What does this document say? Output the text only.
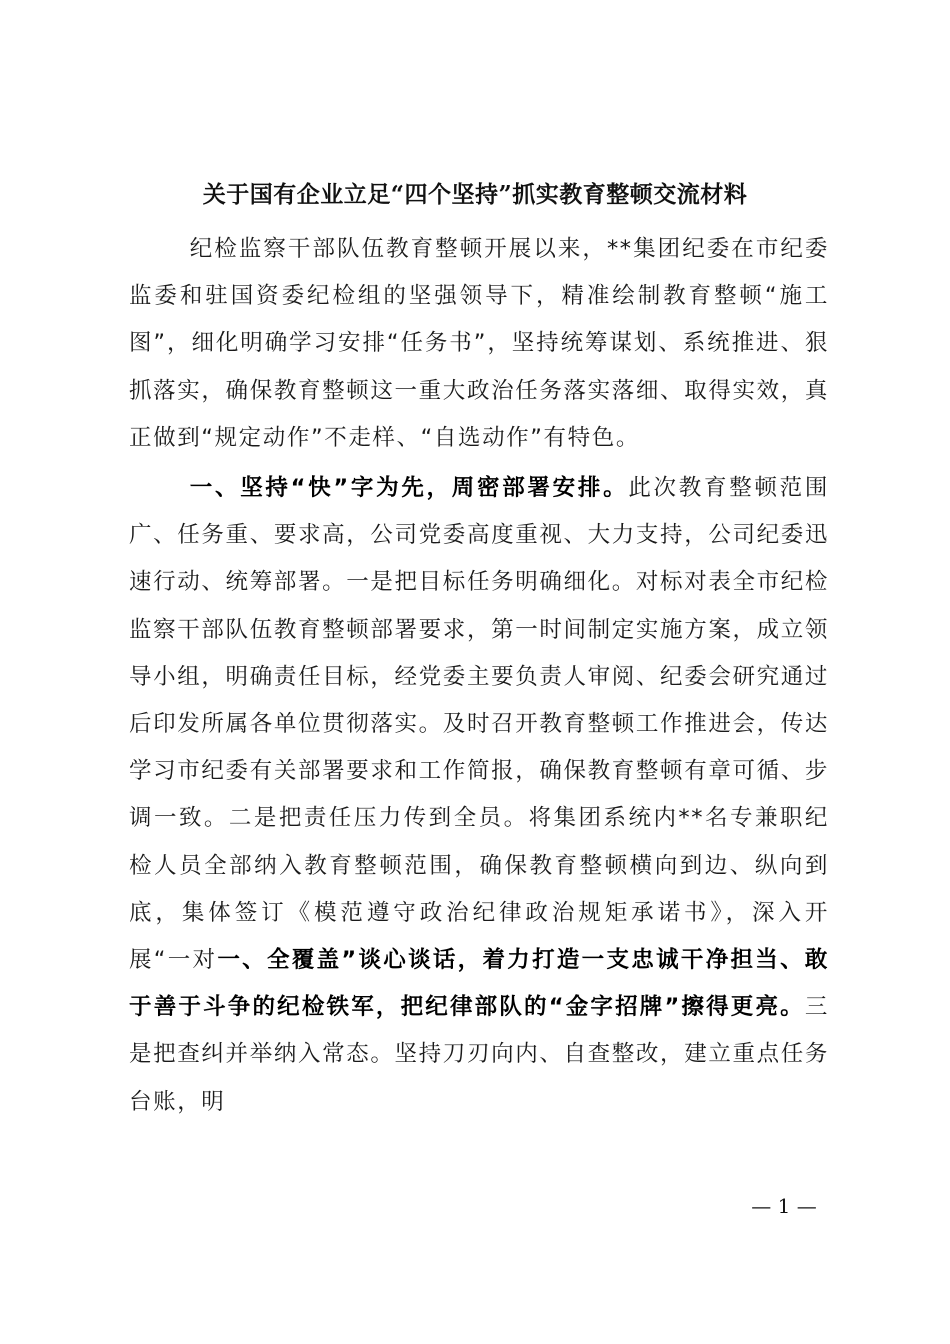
关于国有企业立足“四个坚持”抓实教育整顿交流材料

纪检监察干部队伍教育整顿开展以来，**集团纪委在市纪委监委和驻国资委纪检组的坚强领导下，精准绘制教育整顿“施工图”，细化明确学习安排“任务书”，坚持统筹谋划、系统推进、狠抓落实，确保教育整顿这一重大政治任务落实落细、取得实效，真正做到“规定动作”不走样、“自选动作”有特色。

一、坚持“快”字为先，周密部署安排。此次教育整顿范围广、任务重、要求高，公司党委高度重视、大力支持，公司纪委迅速行动、统筹部署。一是把目标任务明确细化。对标对表全市纪检监察干部队伍教育整顿部署要求，第一时间制定实施方案，成立领导小组，明确责任目标，经党委主要负责人审阅、纪委会研究通过后印发所属各单位贯彻落实。及时召开教育整顿工作推进会，传达学习市纪委有关部署要求和工作简报，确保教育整顿有章可循、步调一致。二是把责任压力传到全员。将集团系统内**名专兼职纪检人员全部纳入教育整顿范围，确保教育整顿横向到边、纵向到底，集体签订《模范遵守政治纪律政治规矩承诺书》，深入开展“一对一、全覆盖”谈心谈话，着力打造一支忠诚干净担当、敢于善于斗争的纪检铁军，把纪律部队的“金字招牌”擦得更亮。三是把查纠并举纳入常态。坚持刀刃向内、自查整改，建立重点任务台账，明

— 1 —
